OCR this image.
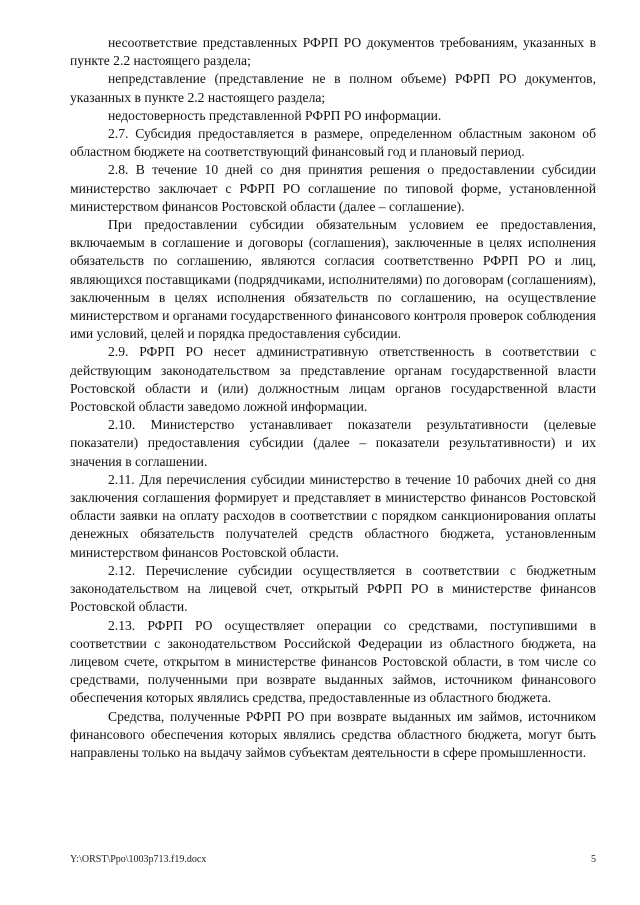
несоответствие представленных РФРП РО документов требованиям, указанных в пункте 2.2 настоящего раздела;

непредставление (представление не в полном объеме) РФРП РО документов, указанных в пункте 2.2 настоящего раздела;

недостоверность представленной РФРП РО информации.

2.7. Субсидия предоставляется в размере, определенном областным законом об областном бюджете на соответствующий финансовый год и плановый период.

2.8. В течение 10 дней со дня принятия решения о предоставлении субсидии министерство заключает с РФРП РО соглашение по типовой форме, установленной министерством финансов Ростовской области (далее – соглашение).

При предоставлении субсидии обязательным условием ее предоставления, включаемым в соглашение и договоры (соглашения), заключенные в целях исполнения обязательств по соглашению, являются согласия соответственно РФРП РО и лиц, являющихся поставщиками (подрядчиками, исполнителями) по договорам (соглашениям), заключенным в целях исполнения обязательств по соглашению, на осуществление министерством и органами государственного финансового контроля проверок соблюдения ими условий, целей и порядка предоставления субсидии.

2.9. РФРП РО несет административную ответственность в соответствии с действующим законодательством за представление органам государственной власти Ростовской области и (или) должностным лицам органов государственной власти Ростовской области заведомо ложной информации.

2.10. Министерство устанавливает показатели результативности (целевые показатели) предоставления субсидии (далее – показатели результативности) и их значения в соглашении.

2.11. Для перечисления субсидии министерство в течение 10 рабочих дней со дня заключения соглашения формирует и представляет в министерство финансов Ростовской области заявки на оплату расходов в соответствии с порядком санкционирования оплаты денежных обязательств получателей средств областного бюджета, установленным министерством финансов Ростовской области.

2.12. Перечисление субсидии осуществляется в соответствии с бюджетным законодательством на лицевой счет, открытый РФРП РО в министерстве финансов Ростовской области.

2.13. РФРП РО осуществляет операции со средствами, поступившими в соответствии с законодательством Российской Федерации из областного бюджета, на лицевом счете, открытом в министерстве финансов Ростовской области, в том числе со средствами, полученными при возврате выданных займов, источником финансового обеспечения которых являлись средства, предоставленные из областного бюджета.

Средства, полученные РФРП РО при возврате выданных им займов, источником финансового обеспечения которых являлись средства областного бюджета, могут быть направлены только на выдачу займов субъектам деятельности в сфере промышленности.

Y:\ORST\Ppo\1003p713.f19.docx	5
